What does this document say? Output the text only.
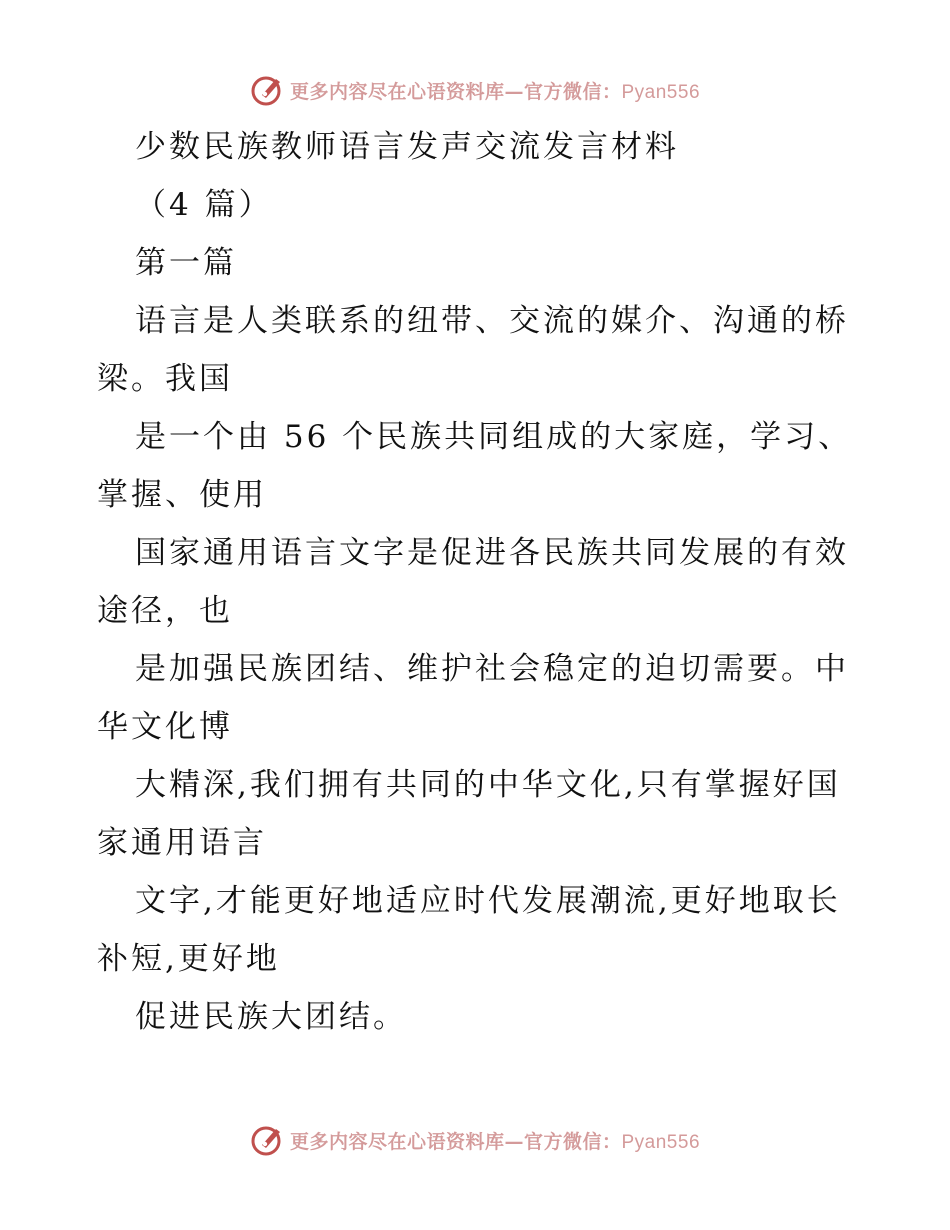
更多内容尽在心语资料库—官方微信：Pyan556
少数民族教师语言发声交流发言材料
（4 篇）
第一篇
语言是人类联系的纽带、交流的媒介、沟通的桥
梁。我国
是一个由 56 个民族共同组成的大家庭，学习、
掌握、使用
国家通用语言文字是促进各民族共同发展的有效
途径，也
是加强民族团结、维护社会稳定的迫切需要。中
华文化博
大精深,我们拥有共同的中华文化,只有掌握好国
家通用语言
文字,才能更好地适应时代发展潮流,更好地取长
补短,更好地
促进民族大团结。
更多内容尽在心语资料库—官方微信：Pyan556
